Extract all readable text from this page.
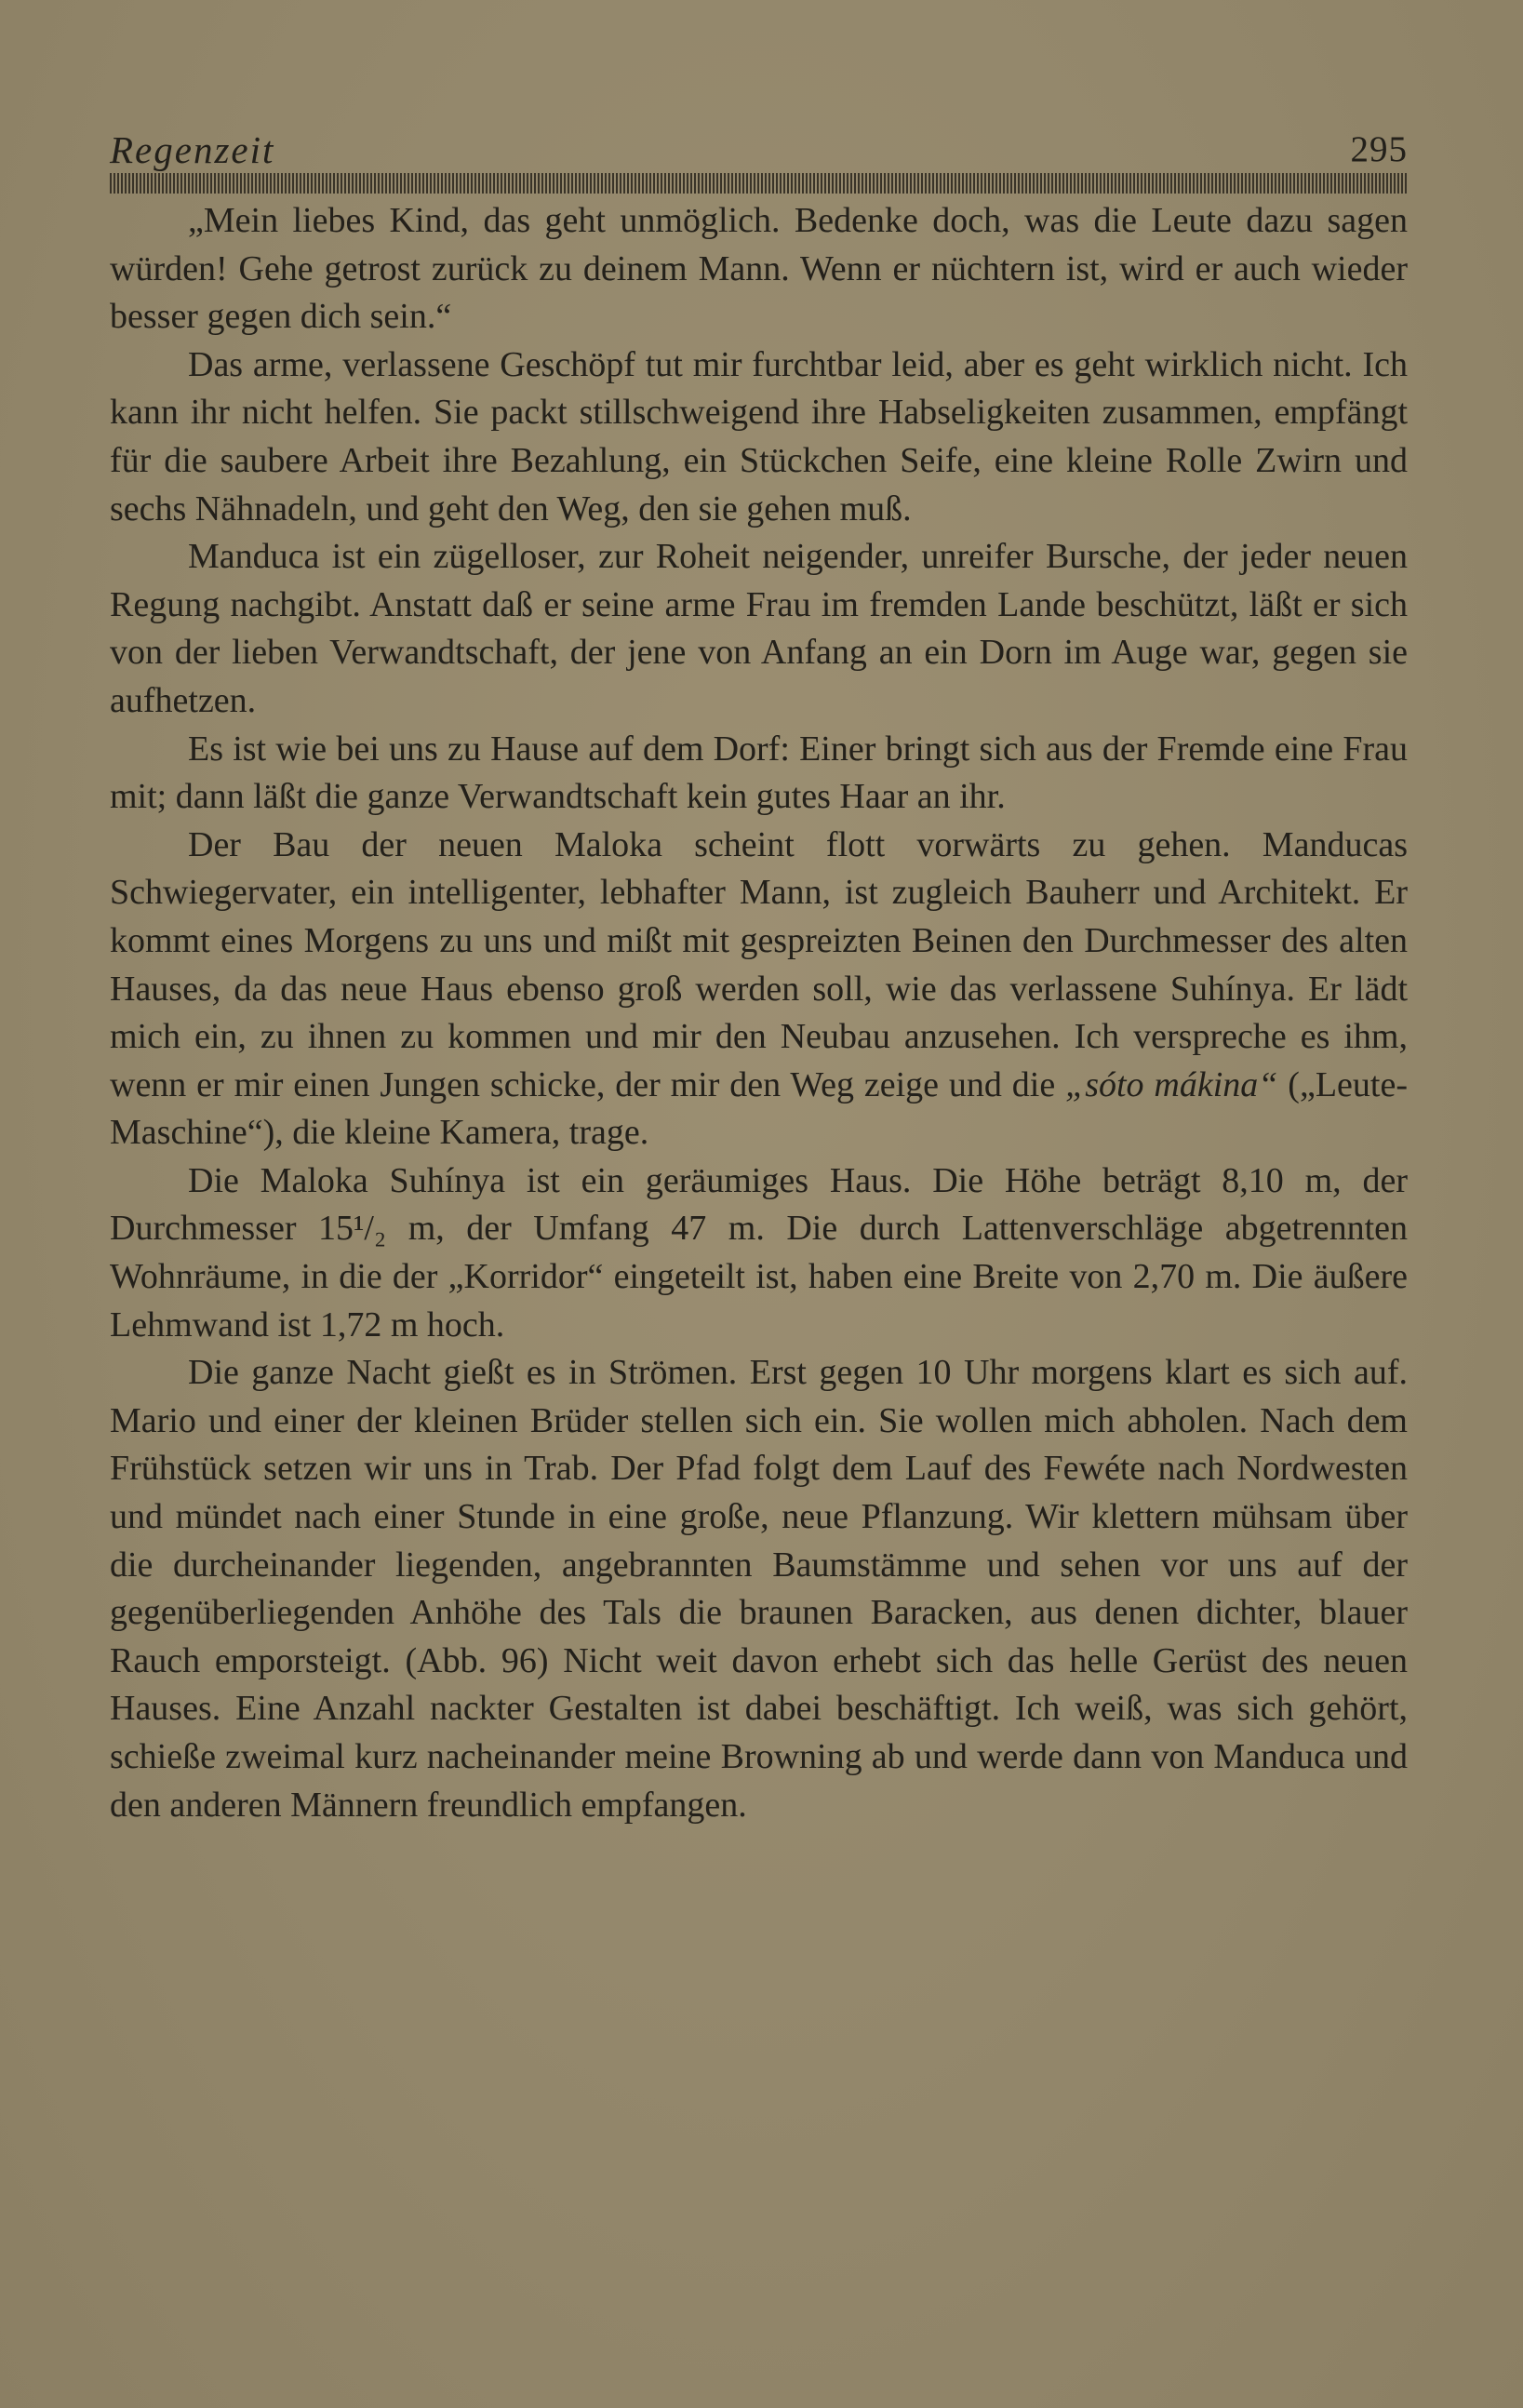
Regenzeit	295

„Mein liebes Kind, das geht unmöglich. Bedenke doch, was die Leute dazu sagen würden! Gehe getrost zurück zu deinem Mann. Wenn er nüchtern ist, wird er auch wieder besser gegen dich sein.“

Das arme, verlassene Geschöpf tut mir furchtbar leid, aber es geht wirklich nicht. Ich kann ihr nicht helfen. Sie packt stillschweigend ihre Habseligkeiten zusammen, empfängt für die saubere Arbeit ihre Bezahlung, ein Stückchen Seife, eine kleine Rolle Zwirn und sechs Nähnadeln, und geht den Weg, den sie gehen muß.

Manduca ist ein zügelloser, zur Roheit neigender, unreifer Bursche, der jeder neuen Regung nachgibt. Anstatt daß er seine arme Frau im fremden Lande beschützt, läßt er sich von der lieben Verwandtschaft, der jene von Anfang an ein Dorn im Auge war, gegen sie aufhetzen.

Es ist wie bei uns zu Hause auf dem Dorf: Einer bringt sich aus der Fremde eine Frau mit; dann läßt die ganze Verwandtschaft kein gutes Haar an ihr.

Der Bau der neuen Maloka scheint flott vorwärts zu gehen. Manducas Schwiegervater, ein intelligenter, lebhafter Mann, ist zugleich Bauherr und Architekt. Er kommt eines Morgens zu uns und mißt mit gespreizten Beinen den Durchmesser des alten Hauses, da das neue Haus ebenso groß werden soll, wie das verlassene Suhínya. Er lädt mich ein, zu ihnen zu kommen und mir den Neubau anzusehen. Ich verspreche es ihm, wenn er mir einen Jungen schicke, der mir den Weg zeige und die „sóto mákina“ („Leute-Maschine“), die kleine Kamera, trage.

Die Maloka Suhínya ist ein geräumiges Haus. Die Höhe beträgt 8,10 m, der Durchmesser 15¹/₂ m, der Umfang 47 m. Die durch Lattenverschläge abgetrennten Wohnräume, in die der „Korridor“ eingeteilt ist, haben eine Breite von 2,70 m. Die äußere Lehmwand ist 1,72 m hoch.

Die ganze Nacht gießt es in Strömen. Erst gegen 10 Uhr morgens klart es sich auf. Mario und einer der kleinen Brüder stellen sich ein. Sie wollen mich abholen. Nach dem Frühstück setzen wir uns in Trab. Der Pfad folgt dem Lauf des Fewéte nach Nordwesten und mündet nach einer Stunde in eine große, neue Pflanzung. Wir klettern mühsam über die durcheinander liegenden, angebrannten Baumstämme und sehen vor uns auf der gegenüberliegenden Anhöhe des Tals die braunen Baracken, aus denen dichter, blauer Rauch emporsteigt. (Abb. 96) Nicht weit davon erhebt sich das helle Gerüst des neuen Hauses. Eine Anzahl nackter Gestalten ist dabei beschäftigt. Ich weiß, was sich gehört, schieße zweimal kurz nacheinander meine Browning ab und werde dann von Manduca und den anderen Männern freundlich empfangen.
